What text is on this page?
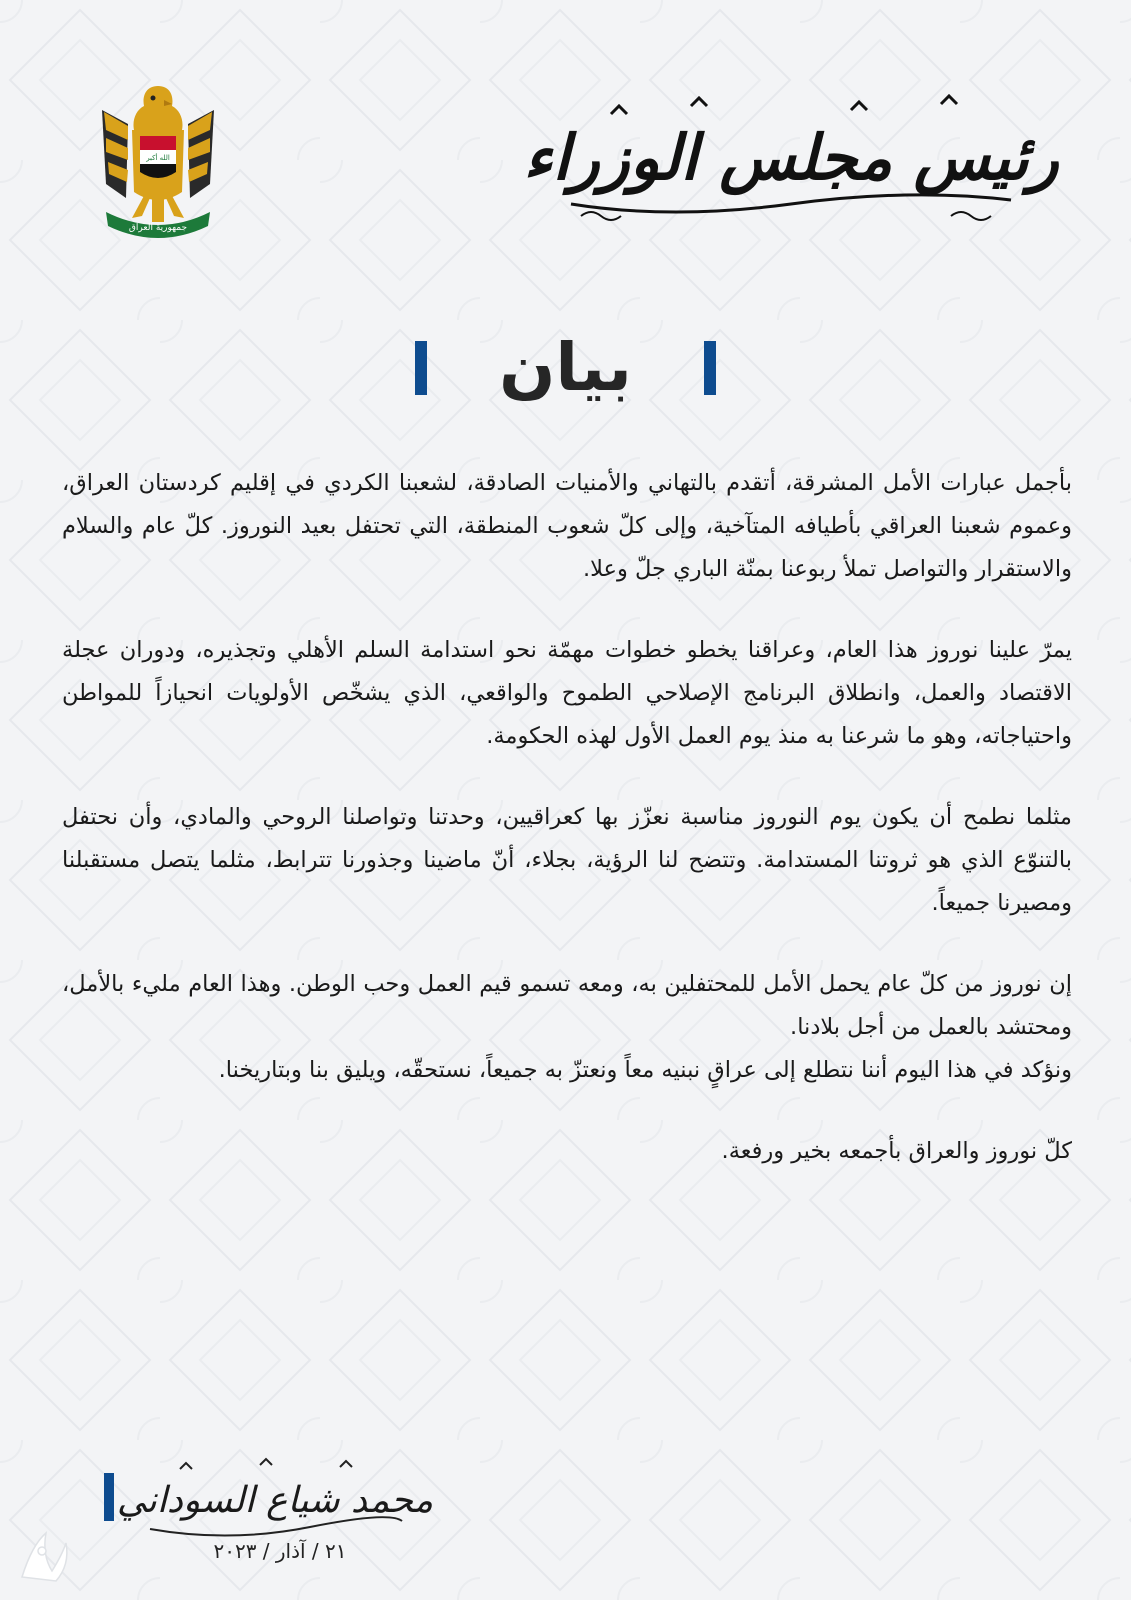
الله أكبر
جمهورية العراق
رئيس مجلس الوزراء
بيان

بأجمل عبارات الأمل المشرقة، أتقدم بالتهاني والأمنيات الصادقة، لشعبنا الكردي في إقليم كردستان العراق، وعموم شعبنا العراقي بأطيافه المتآخية، وإلى كلّ شعوب المنطقة، التي تحتفل بعيد النوروز. كلّ عام والسلام والاستقرار والتواصل تملأ ربوعنا بمنّة الباري جلّ وعلا.

يمرّ علينا نوروز هذا العام، وعراقنا يخطو خطوات مهمّة نحو استدامة السلم الأهلي وتجذيره، ودوران عجلة الاقتصاد والعمل، وانطلاق البرنامج الإصلاحي الطموح والواقعي، الذي يشخّص الأولويات انحيازاً للمواطن واحتياجاته، وهو ما شرعنا به منذ يوم العمل الأول لهذه الحكومة.

مثلما نطمح أن يكون يوم النوروز مناسبة نعزّز بها كعراقيين، وحدتنا وتواصلنا الروحي والمادي، وأن نحتفل بالتنوّع الذي هو ثروتنا المستدامة. وتتضح لنا الرؤية، بجلاء، أنّ ماضينا وجذورنا تترابط، مثلما يتصل مستقبلنا ومصيرنا جميعاً.

إن نوروز من كلّ عام يحمل الأمل للمحتفلين به، ومعه تسمو قيم العمل وحب الوطن. وهذا العام مليء بالأمل، ومحتشد بالعمل من أجل بلادنا.

ونؤكد في هذا اليوم أننا نتطلع إلى عراقٍ نبنيه معاً ونعتزّ به جميعاً، نستحقّه، ويليق بنا وبتاريخنا.

كلّ نوروز والعراق بأجمعه بخير ورفعة.

محمد شياع السوداني
٢١ / آذار / ٢٠٢٣
